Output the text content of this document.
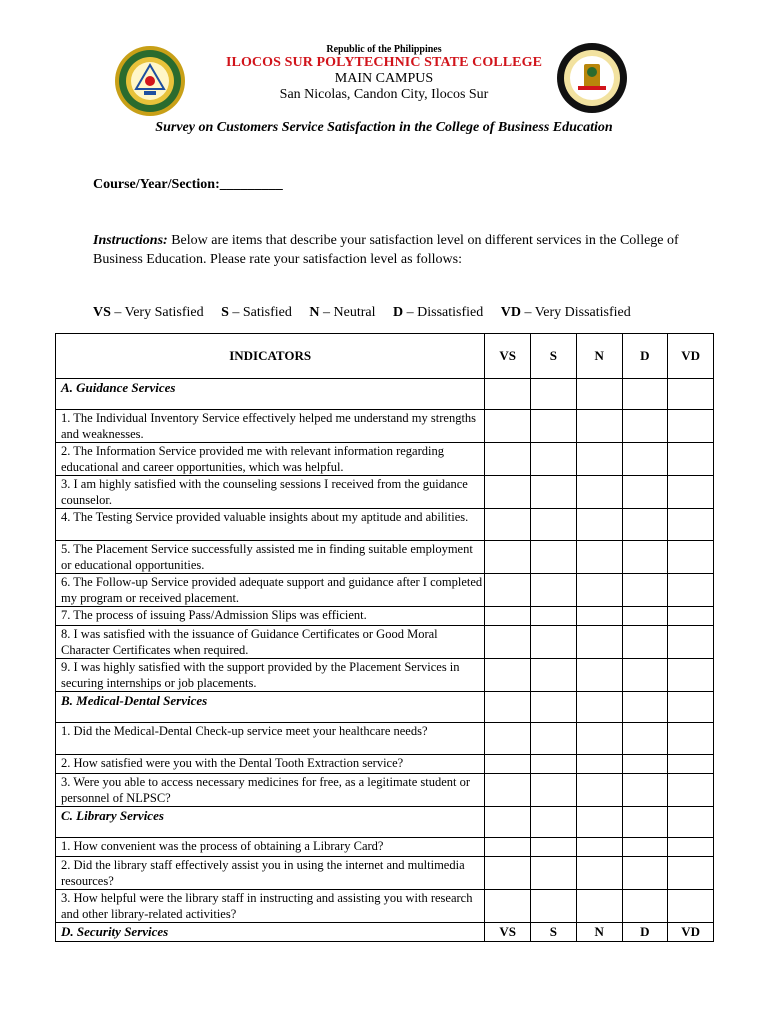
Republic of the Philippines
ILOCOS SUR POLYTECHNIC STATE COLLEGE
MAIN CAMPUS
San Nicolas, Candon City, Ilocos Sur
Survey on Customers Service Satisfaction in the College of Business Education
Course/Year/Section:_________
Instructions: Below are items that describe your satisfaction level on different services in the College of Business Education. Please rate your satisfaction level as follows:
VS – Very Satisfied S – Satisfied N – Neutral D – Dissatisfied VD – Very Dissatisfied
INDICATORS	VS	S	N	D	VD
A. Guidance Services					
1. The Individual Inventory Service effectively helped me understand my strengths and weaknesses.					
2. The Information Service provided me with relevant information regarding educational and career opportunities, which was helpful.					
3. I am highly satisfied with the counseling sessions I received from the guidance counselor.					
4. The Testing Service provided valuable insights about my aptitude and abilities.					
5. The Placement Service successfully assisted me in finding suitable employment or educational opportunities.					
6. The Follow-up Service provided adequate support and guidance after I completed my program or received placement.					
7. The process of issuing Pass/Admission Slips was efficient.					
8. I was satisfied with the issuance of Guidance Certificates or Good Moral Character Certificates when required.					
9. I was highly satisfied with the support provided by the Placement Services in securing internships or job placements.					
B. Medical-Dental Services					
1. Did the Medical-Dental Check-up service meet your healthcare needs?					
2. How satisfied were you with the Dental Tooth Extraction service?					
3. Were you able to access necessary medicines for free, as a legitimate student or personnel of NLPSC?					
C. Library Services					
1. How convenient was the process of obtaining a Library Card?					
2. Did the library staff effectively assist you in using the internet and multimedia resources?					
3. How helpful were the library staff in instructing and assisting you with research and other library-related activities?					
D. Security Services	VS	S	N	D	VD
